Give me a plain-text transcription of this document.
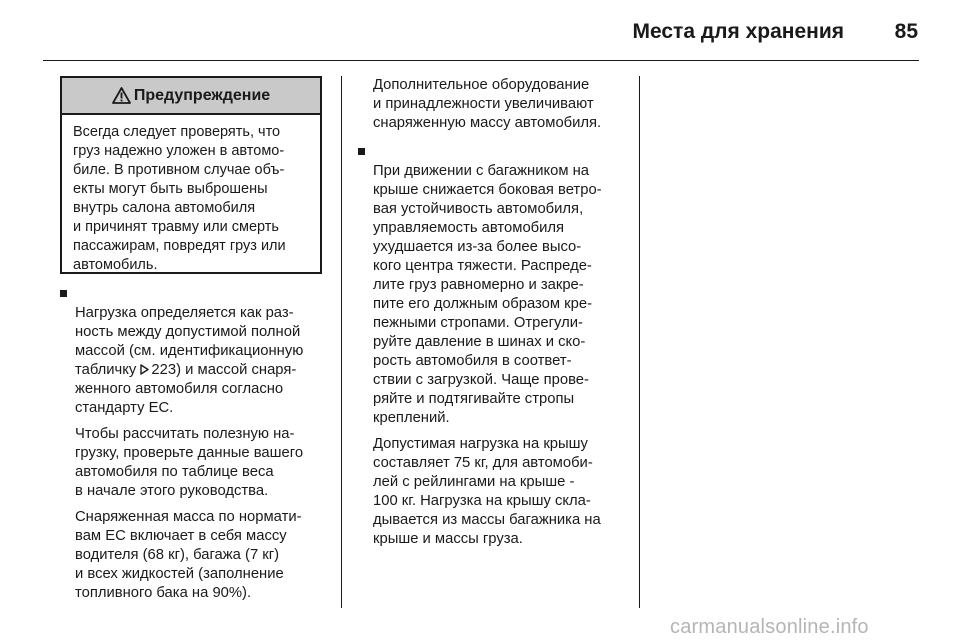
Места для хранения	85
Предупреждение
Всегда следует проверять, что
груз надежно уложен в автомо-
биле. В противном случае объ-
екты могут быть выброшены
внутрь салона автомобиля
и причинят травму или смерть
пассажирам, повредят груз или
автомобиль.

Нагрузка определяется как раз-
ность между допустимой полной
массой (см. идентификационную
табличку 223) и массой снаря-
женного автомобиля согласно
стандарту ЕС.

Чтобы рассчитать полезную на-
грузку, проверьте данные вашего
автомобиля по таблице веса
в начале этого руководства.
Снаряженная масса по нормати-
вам ЕС включает в себя массу
водителя (68 кг), багажа (7 кг)
и всех жидкостей (заполнение
топливного бака на 90%).
Дополнительное оборудование
и принадлежности увеличивают
снаряженную массу автомобиля.

При движении с багажником на
крыше снижается боковая ветро-
вая устойчивость автомобиля,
управляемость автомобиля
ухудшается из-за более высо-
кого центра тяжести. Распреде-
лите груз равномерно и закре-
пите его должным образом кре-
пежными стропами. Отрегули-
руйте давление в шинах и ско-
рость автомобиля в соответ-
ствии с загрузкой. Чаще прове-
ряйте и подтягивайте стропы
креплений.

Допустимая нагрузка на крышу
составляет 75 кг, для автомоби-
лей с рейлингами на крыше -
100 кг. Нагрузка на крышу скла-
дывается из массы багажника на
крыше и массы груза.
carmanualsonline.info
